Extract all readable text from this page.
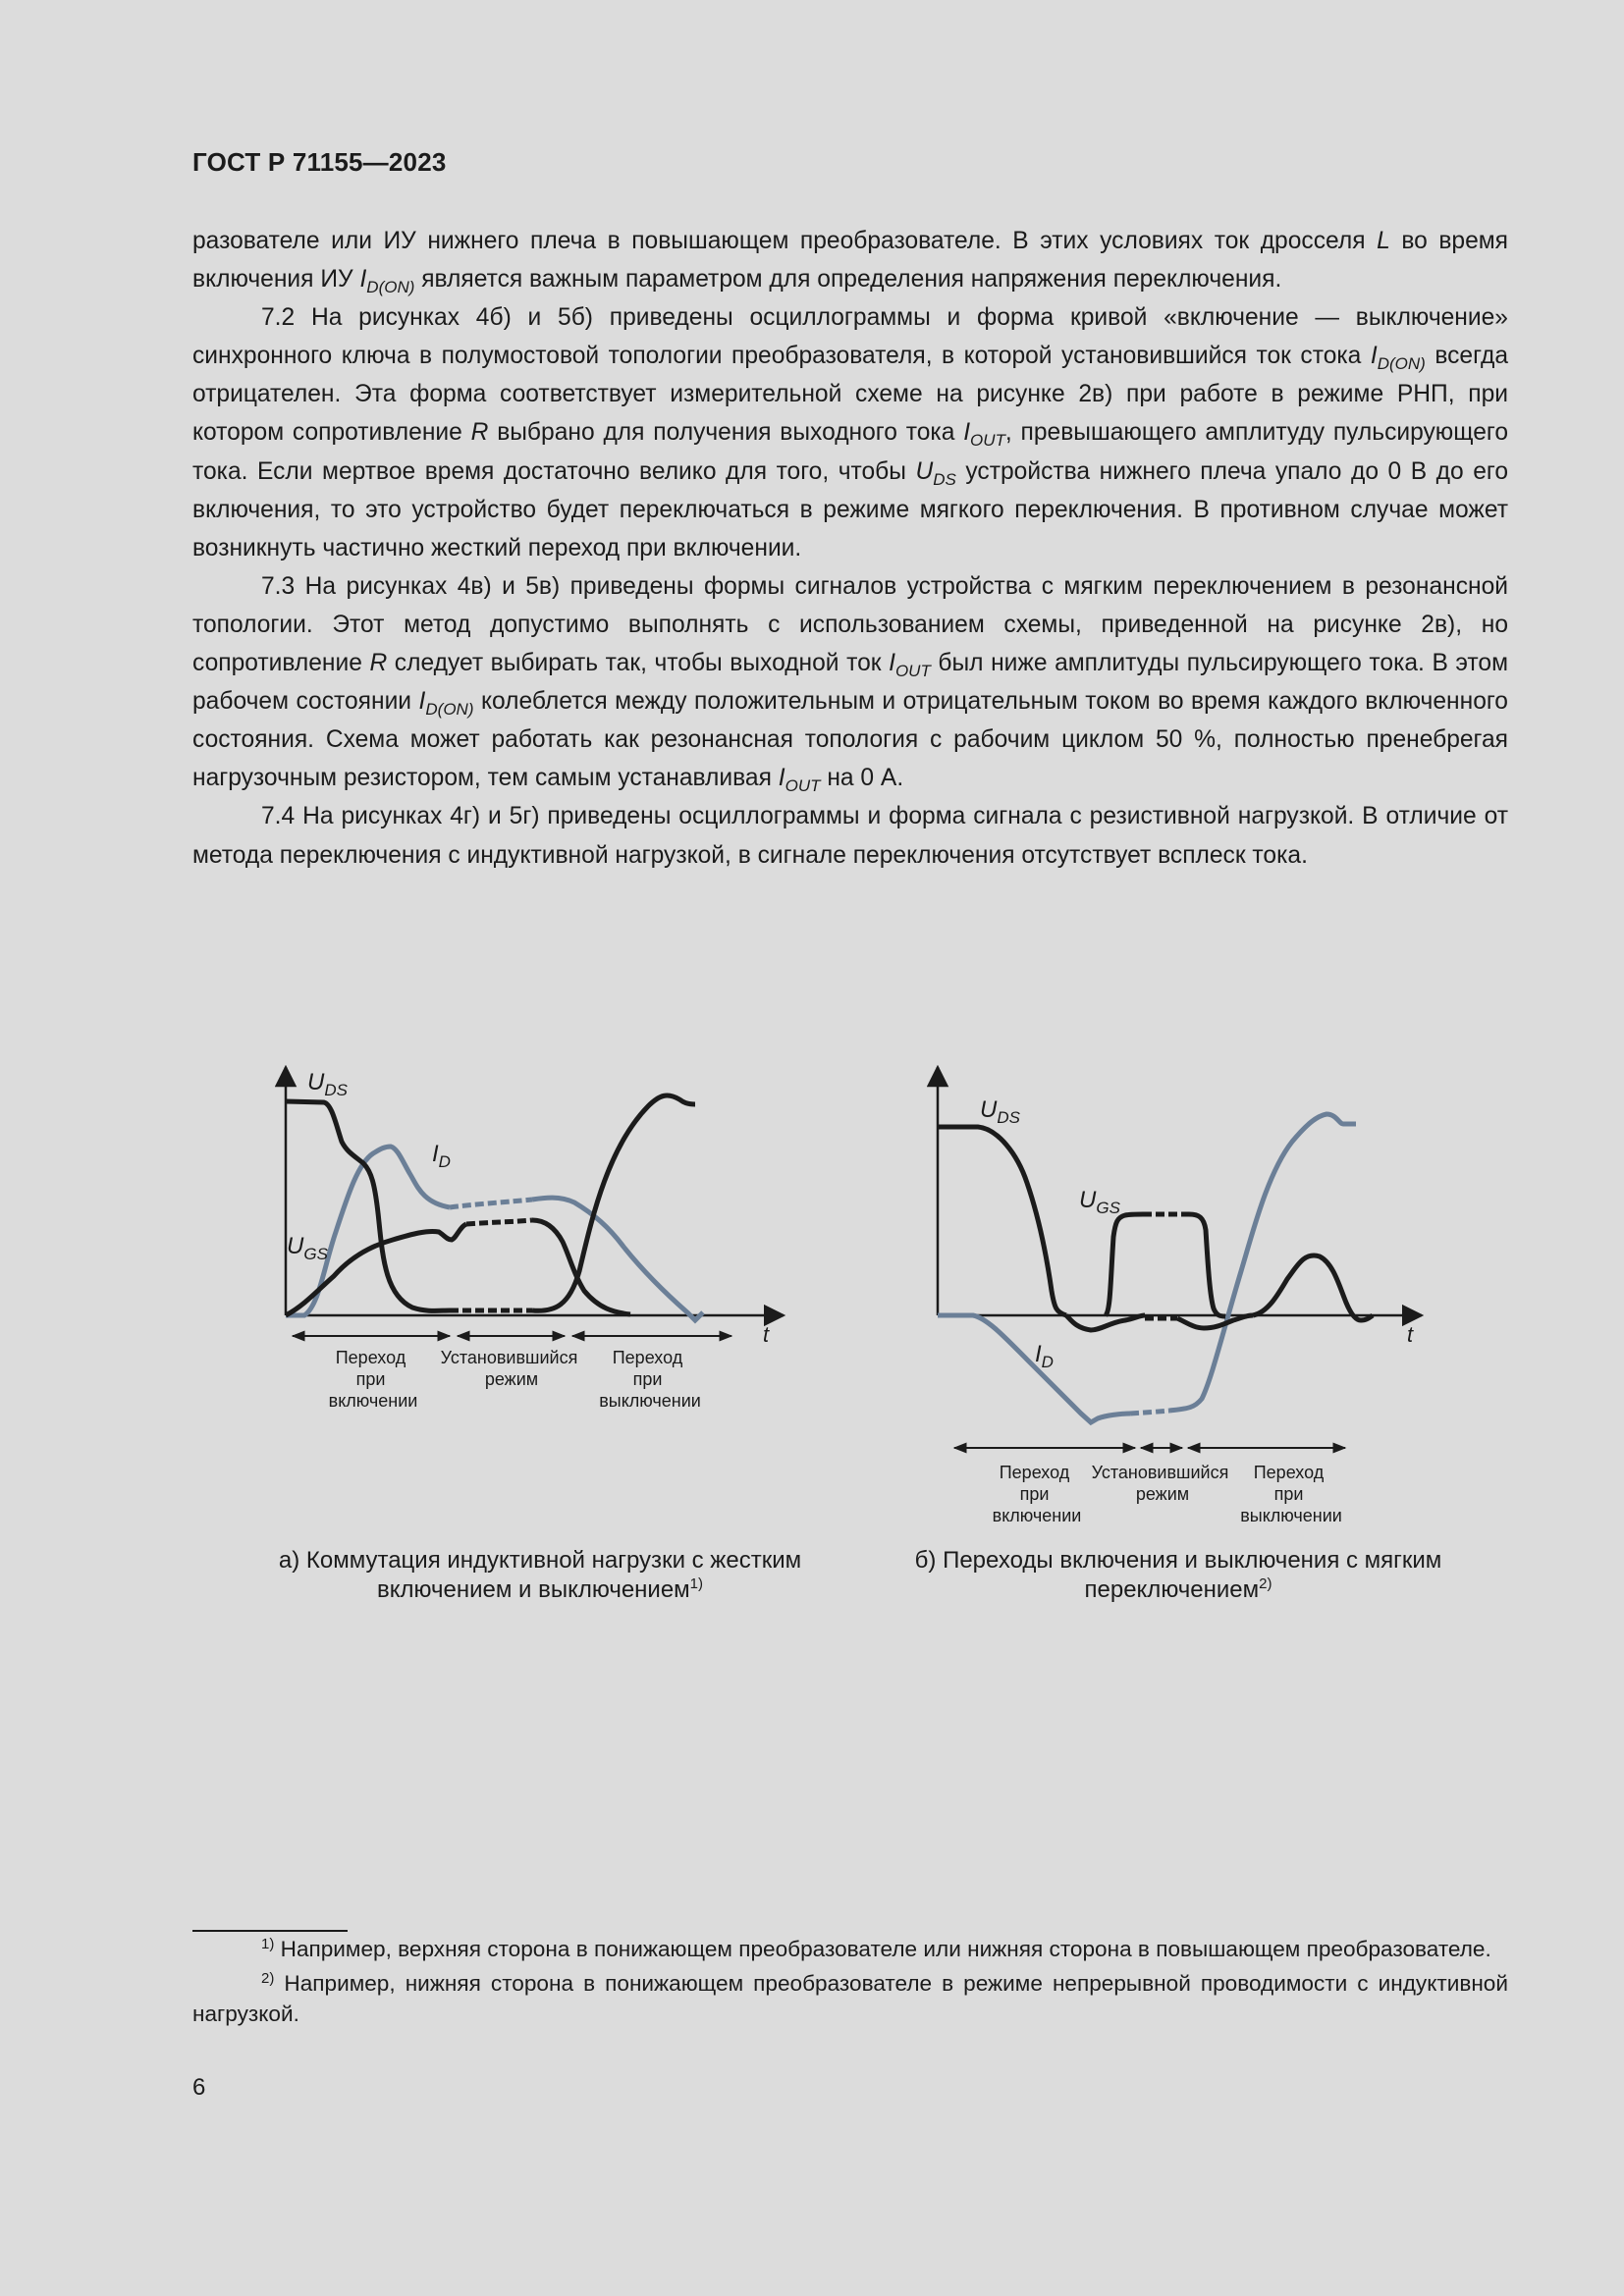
ГОСТ Р 71155—2023

разователе или ИУ нижнего плеча в повышающем преобразователе. В этих условиях ток дросселя L во время включения ИУ $I_{D(ON)}$ является важным параметром для определения напряжения переключения.

7.2 На рисунках 4б) и 5б) приведены осциллограммы и форма кривой «включение — выключение» синхронного ключа в полумостовой топологии преобразователя, в которой установившийся ток стока $I_{D(ON)}$ всегда отрицателен. Эта форма соответствует измерительной схеме на рисунке 2в) при работе в режиме РНП, при котором сопротивление R выбрано для получения выходного тока $I_{OUT}$, превышающего амплитуду пульсирующего тока. Если мертвое время достаточно велико для того, чтобы $U_{DS}$ устройства нижнего плеча упало до 0 В до его включения, то это устройство будет переключаться в режиме мягкого переключения. В противном случае может возникнуть частично жесткий переход при включении.

7.3 На рисунках 4в) и 5в) приведены формы сигналов устройства с мягким переключением в резонансной топологии. Этот метод допустимо выполнять с использованием схемы, приведенной на рисунке 2в), но сопротивление R следует выбирать так, чтобы выходной ток $I_{OUT}$ был ниже амплитуды пульсирующего тока. В этом рабочем состоянии $I_{D(ON)}$ колеблется между положительным и отрицательным током во время каждого включенного состояния. Схема может работать как резонансная топология с рабочим циклом 50 %, полностью пренебрегая нагрузочным резистором, тем самым устанавливая $I_{OUT}$ на 0 А.

7.4 На рисунках 4г) и 5г) приведены осциллограммы и форма сигнала с резистивной нагрузкой. В отличие от метода переключения с индуктивной нагрузкой, в сигнале переключения отсутствует всплеск тока.

$U_{DS}$
$I_D$
$U_{GS}$
t
Переход при включении
Установившийся режим
Переход при выключении
$U_{DS}$
$U_{GS}$
$I_D$
t
Переход при включении
Установившийся режим
Переход при выключении
а) Коммутация индуктивной нагрузки с жестким
включением и выключением$^{1)}$
б) Переходы включения и выключения с мягким
переключением$^{2)}$

$^{1)}$ Например, верхняя сторона в понижающем преобразователе или нижняя сторона в повышающем преобразователе.

$^{2)}$ Например, нижняя сторона в понижающем преобразователе в режиме непрерывной проводимости с индуктивной нагрузкой.

6
